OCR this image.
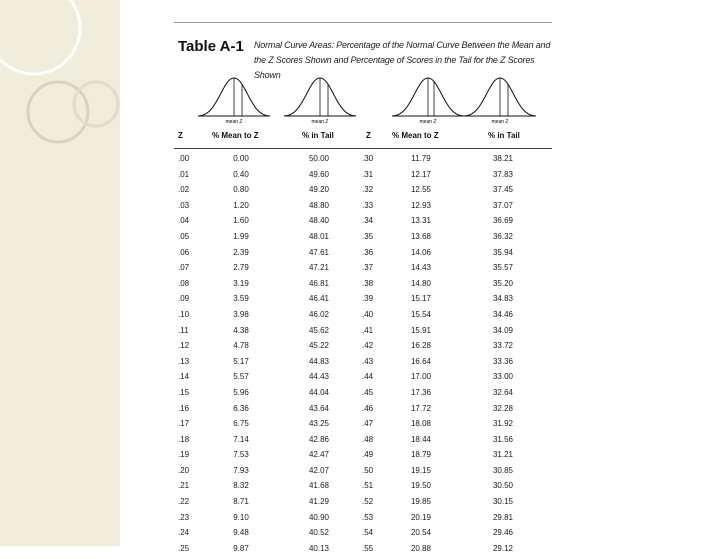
Table A-1 Normal Curve Areas: Percentage of the Normal Curve Between the Mean and the Z Scores Shown and Percentage of Scores in the Tail for the Z Scores Shown
mean Z	mean Z	mean Z	mean Z
Z	% Mean to Z	% in Tail	Z	% Mean to Z	% in Tail
.00	0.00	50.00	.30	11.79	38.21
.01	0.40	49.60	.31	12.17	37.83
.02	0.80	49.20	.32	12.55	37.45
.03	1.20	48.80	.33	12.93	37.07
.04	1.60	48.40	.34	13.31	36.69
.05	1.99	48.01	.35	13.68	36.32
.06	2.39	47.61	.36	14.06	35.94
.07	2.79	47.21	.37	14.43	35.57
.08	3.19	46.81	.38	14.80	35.20
.09	3.59	46.41	.39	15.17	34.83
.10	3.98	46.02	.40	15.54	34.46
.11	4.38	45.62	.41	15.91	34.09
.12	4.78	45.22	.42	16.28	33.72
.13	5.17	44.83	.43	16.64	33.36
.14	5.57	44.43	.44	17.00	33.00
.15	5.96	44.04	.45	17.36	32.64
.16	6.36	43.64	.46	17.72	32.28
.17	6.75	43.25	.47	18.08	31.92
.18	7.14	42.86	.48	18.44	31.56
.19	7.53	42.47	.49	18.79	31.21
.20	7.93	42.07	.50	19.15	30.85
.21	8.32	41.68	.51	19.50	30.50
.22	8.71	41.29	.52	19.85	30.15
.23	9.10	40.90	.53	20.19	29.81
.24	9.48	40.52	.54	20.54	29.46
.25	9.87	40.13	.55	20.88	29.12
